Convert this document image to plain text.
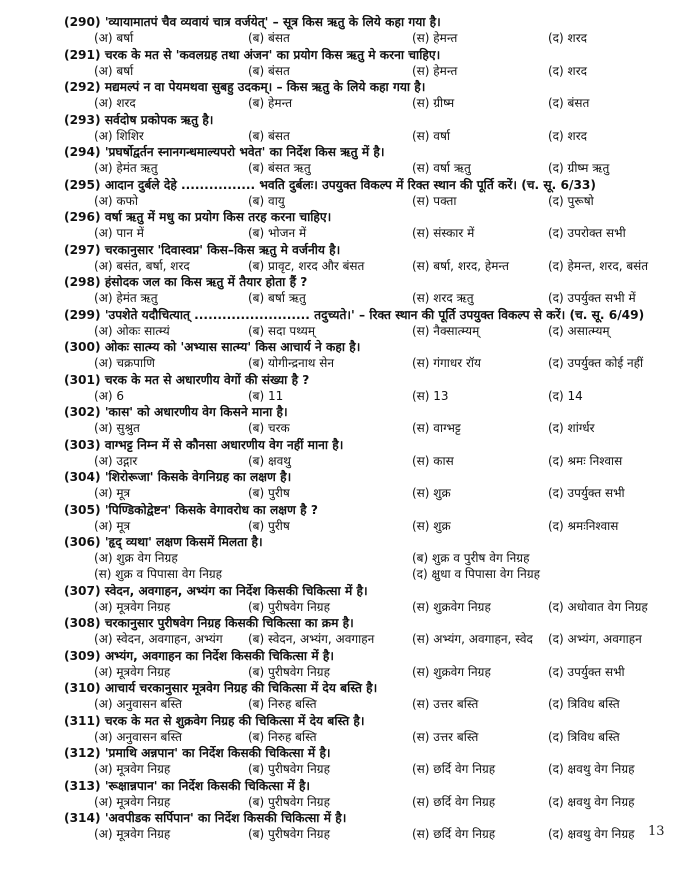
(290) 'व्यायामातपं चैव व्यवायं चात्र वर्जयेत्' – सूत्र किस ऋतु के लिये कहा गया है।
(अ) बर्षा	(ब) बंसत	(स) हेमन्त	(द) शरद
(291) चरक के मत से 'कवलग्रह तथा अंजन' का प्रयोग किस ऋतु मे करना चाहिए।
(अ) बर्षा	(ब) बंसत	(स) हेमन्त	(द) शरद
(292) मद्यमल्पं न वा पेयमथवा सुबहु उदकम्। – किस ऋतु के लिये कहा गया है।
(अ) शरद	(ब) हेमन्त	(स) ग्रीष्म	(द) बंसत
(293) सर्वदोष प्रकोपक ऋतु है।
(अ) शिशिर	(ब) बंसत	(स) वर्षा	(द) शरद
(294) 'प्रघर्षोद्वर्तन स्नानगन्धमाल्यपरो भवेत' का निर्देश किस ऋतु में है।
(अ) हेमंत ऋतु	(ब) बंसत ऋतु	(स) वर्षा ऋतु	(द) ग्रीष्म ऋतु
(295) आदान दुर्बले देहे ................ भवति दुर्बलः। उपयुक्त विकल्प में रिक्त स्थान की पूर्ति करें। (च. सू. 6/33)
(अ) कफो	(ब) वायु	(स) पक्ता	(द) पुरूषो
(296) वर्षा ऋतु में मधु का प्रयोग किस तरह करना चाहिए।
(अ) पान में	(ब) भोजन में	(स) संस्कार में	(द) उपरोक्त सभी
(297) चरकानुसार 'दिवास्वप्न' किस–किस ऋतु मे वर्जनीय है।
(अ) बसंत, बर्षा, शरद	(ब) प्रावृट, शरद और बंसत	(स) बर्षा, शरद, हेमन्त	(द) हेमन्त, शरद, बसंत
(298) हंसोदक जल का किस ऋतु में तैयार होता हैं ?
(अ) हेमंत ऋतु	(ब) बर्षा ऋतु	(स) शरद ऋतु	(द) उपर्युक्त सभी में
(299) 'उपशेते यदौचित्यात् ......................... तदुच्यते।' – रिक्त स्थान की पूर्ति उपयुक्त विकल्प से करें। (च. सू. 6/49)
(अ) ओकः सात्म्यं	(ब) सदा पथ्यम्	(स) नैक्सात्म्यम्	(द) असात्म्यम्
(300) ओकः सात्म्य को 'अभ्यास सात्म्य' किस आचार्य ने कहा है।
(अ) चक्रपाणि	(ब) योगीन्द्रनाथ सेन	(स) गंगाधर रॉय	(द) उपर्युक्त कोई नहीं
(301) चरक के मत से अधारणीय वेगों की संख्या है ?
(अ) 6	(ब) 11	(स) 13	(द) 14
(302) 'कास' को अधारणीय वेग किसने माना है।
(अ) सुश्रुत	(ब) चरक	(स) वाग्भट्ट	(द) शांर्ग्धर
(303) वाग्भट्ट निम्न में से कौनसा अधारणीय वेग नहीं माना है।
(अ) उद्गार	(ब) क्षवथु	(स) कास	(द) श्रमः निश्वास
(304) 'शिरोरूजा' किसके वेगनिग्रह का लक्षण है।
(अ) मूत्र	(ब) पुरीष	(स) शुक्र	(द) उपर्युक्त सभी
(305) 'पिण्डिकोद्वेष्टन' किसके वेगावरोध का लक्षण है ?
(अ) मूत्र	(ब) पुरीष	(स) शुक्र	(द) श्रमःनिश्वास
(306) 'हृद् व्यथा' लक्षण किसमें मिलता है।
(अ) शुक्र वेग निग्रह	(ब) शुक्र व पुरीष वेग निग्रह
(स) शुक्र व पिपासा वेग निग्रह	(द) क्षुधा व पिपासा वेग निग्रह
(307) स्वेदन, अवगाहन, अभ्यंग का निर्देश किसकी चिकित्सा में है।
(अ) मूत्रवेग निग्रह	(ब) पुरीषवेग निग्रह	(स) शुक्रवेग निग्रह	(द) अधोवात वेग निग्रह
(308) चरकानुसार पुरीषवेग निग्रह किसकी चिकित्सा का क्रम है।
(अ) स्वेदन, अवगाहन, अभ्यंग (ब) स्वेदन, अभ्यंग, अवगाहन	(स) अभ्यंग, अवगाहन, स्वेद (द) अभ्यंग, अवगाहन
(309) अभ्यंग, अवगाहन का निर्देश किसकी चिकित्सा में है।
(अ) मूत्रवेग निग्रह	(ब) पुरीषवेग निग्रह	(स) शुक्रवेग निग्रह	(द) उपर्युक्त सभी
(310) आचार्य चरकानुसार मूत्रवेग निग्रह की चिकित्सा में देय बस्ति है।
(अ) अनुवासन बस्ति	(ब) निरुह बस्ति	(स) उत्तर बस्ति	(द) त्रिविध बस्ति
(311) चरक के मत से शुक्रवेग निग्रह की चिकित्सा में देय बस्ति है।
(अ) अनुवासन बस्ति	(ब) निरुह बस्ति	(स) उत्तर बस्ति	(द) त्रिविध बस्ति
(312) 'प्रमाथि अन्नपान' का निर्देश किसकी चिकित्सा में है।
(अ) मूत्रवेग निग्रह	(ब) पुरीषवेग निग्रह	(स) छर्दि वेग निग्रह	(द) क्षवथु वेग निग्रह
(313) 'रूक्षान्नपान' का निर्देश किसकी चिकित्सा में है।
(अ) मूत्रवेग निग्रह	(ब) पुरीषवेग निग्रह	(स) छर्दि वेग निग्रह	(द) क्षवथु वेग निग्रह
(314) 'अवपीडक सर्पिपान' का निर्देश किसकी चिकित्सा में है।
(अ) मूत्रवेग निग्रह	(ब) पुरीषवेग निग्रह	(स) छर्दि वेग निग्रह	(द) क्षवथु वेग निग्रह 13
